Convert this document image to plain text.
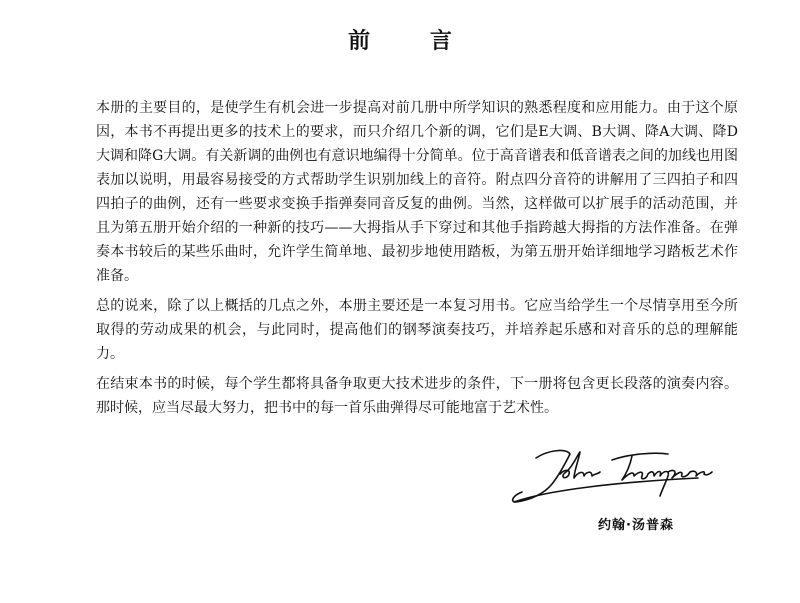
前 言

本册的主要目的，是使学生有机会进一步提高对前几册中所学知识的熟悉程度和应用能力。由于这个原因，本书不再提出更多的技术上的要求，而只介绍几个新的调，它们是E大调、B大调、降A大调、降D大调和降G大调。有关新调的曲例也有意识地编得十分简单。位于高音谱表和低音谱表之间的加线也用图表加以说明，用最容易接受的方式帮助学生识别加线上的音符。附点四分音符的讲解用了三四拍子和四四拍子的曲例，还有一些要求变换手指弹奏同音反复的曲例。当然，这样做可以扩展手的活动范围，并且为第五册开始介绍的一种新的技巧——大拇指从手下穿过和其他手指跨越大拇指的方法作准备。在弹奏本书较后的某些乐曲时，允许学生简单地、最初步地使用踏板，为第五册开始详细地学习踏板艺术作准备。

总的说来，除了以上概括的几点之外，本册主要还是一本复习用书。它应当给学生一个尽情享用至今所取得的劳动成果的机会，与此同时，提高他们的钢琴演奏技巧，并培养起乐感和对音乐的总的理解能力。

在结束本书的时候，每个学生都将具备争取更大技术进步的条件，下一册将包含更长段落的演奏内容。那时候，应当尽最大努力，把书中的每一首乐曲弹得尽可能地富于艺术性。

约翰·汤普森
